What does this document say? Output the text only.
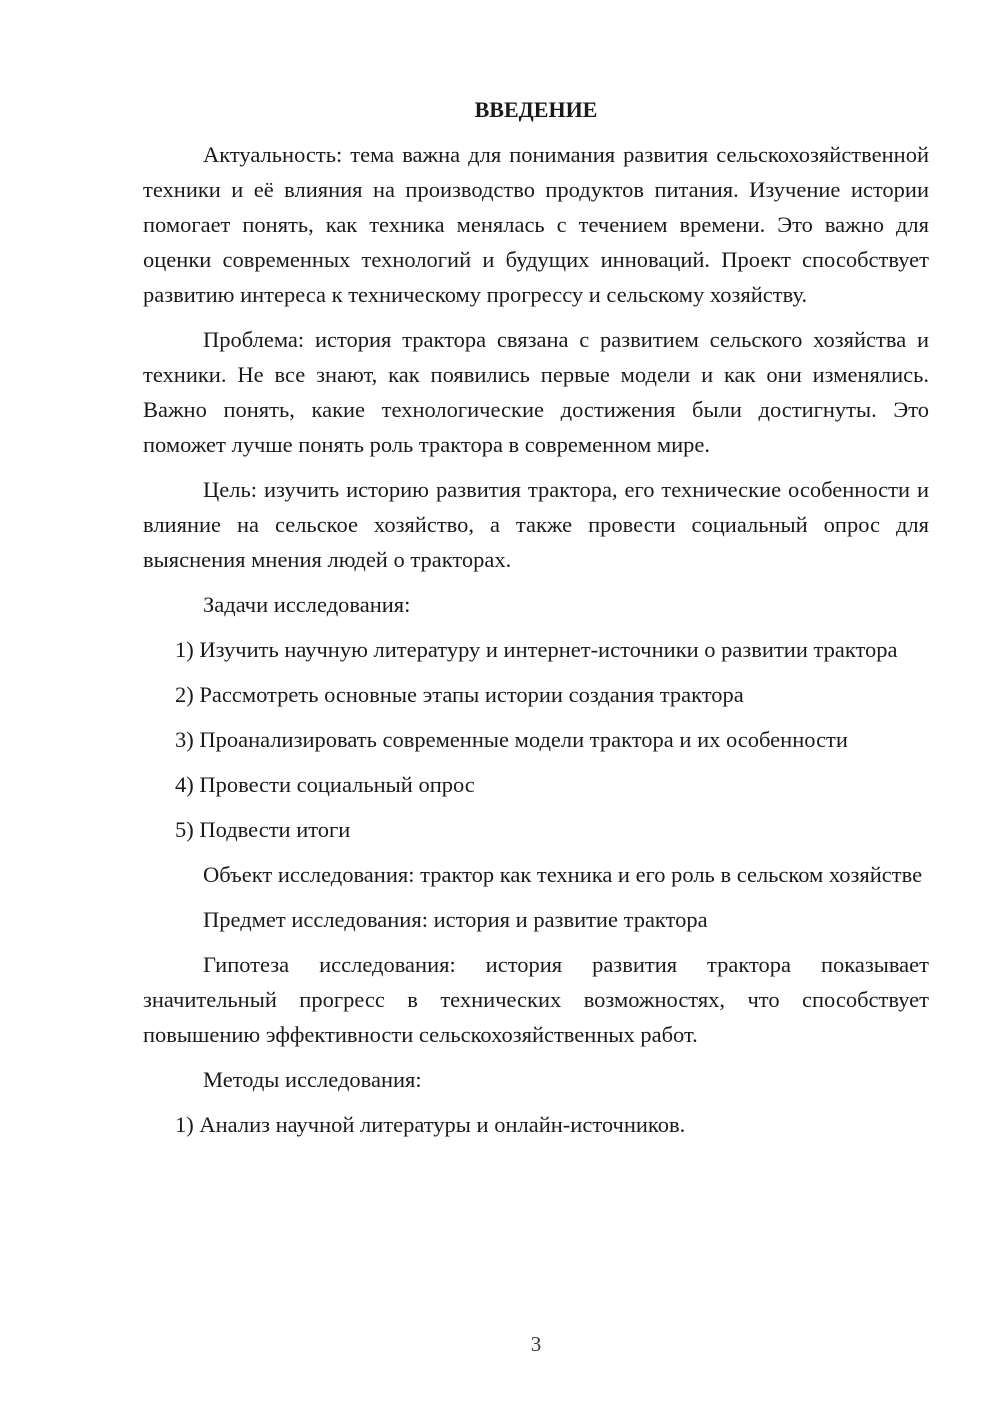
ВВЕДЕНИЕ

Актуальность: тема важна для понимания развития сельскохозяйственной техники и её влияния на производство продуктов питания. Изучение истории помогает понять, как техника менялась с течением времени. Это важно для оценки современных технологий и будущих инноваций. Проект способствует развитию интереса к техническому прогрессу и сельскому хозяйству.

Проблема: история трактора связана с развитием сельского хозяйства и техники. Не все знают, как появились первые модели и как они изменялись. Важно понять, какие технологические достижения были достигнуты. Это поможет лучше понять роль трактора в современном мире.

Цель: изучить историю развития трактора, его технические особенности и влияние на сельское хозяйство, а также провести социальный опрос для выяснения мнения людей о тракторах.

Задачи исследования:

1) Изучить научную литературу и интернет-источники о развитии трактора

2) Рассмотреть основные этапы истории создания трактора

3) Проанализировать современные модели трактора и их особенности

4) Провести социальный опрос

5) Подвести итоги

Объект исследования: трактор как техника и его роль в сельском хозяйстве

Предмет исследования: история и развитие трактора

Гипотеза исследования: история развития трактора показывает значительный прогресс в технических возможностях, что способствует повышению эффективности сельскохозяйственных работ.

Методы исследования:

1) Анализ научной литературы и онлайн-источников.

3
